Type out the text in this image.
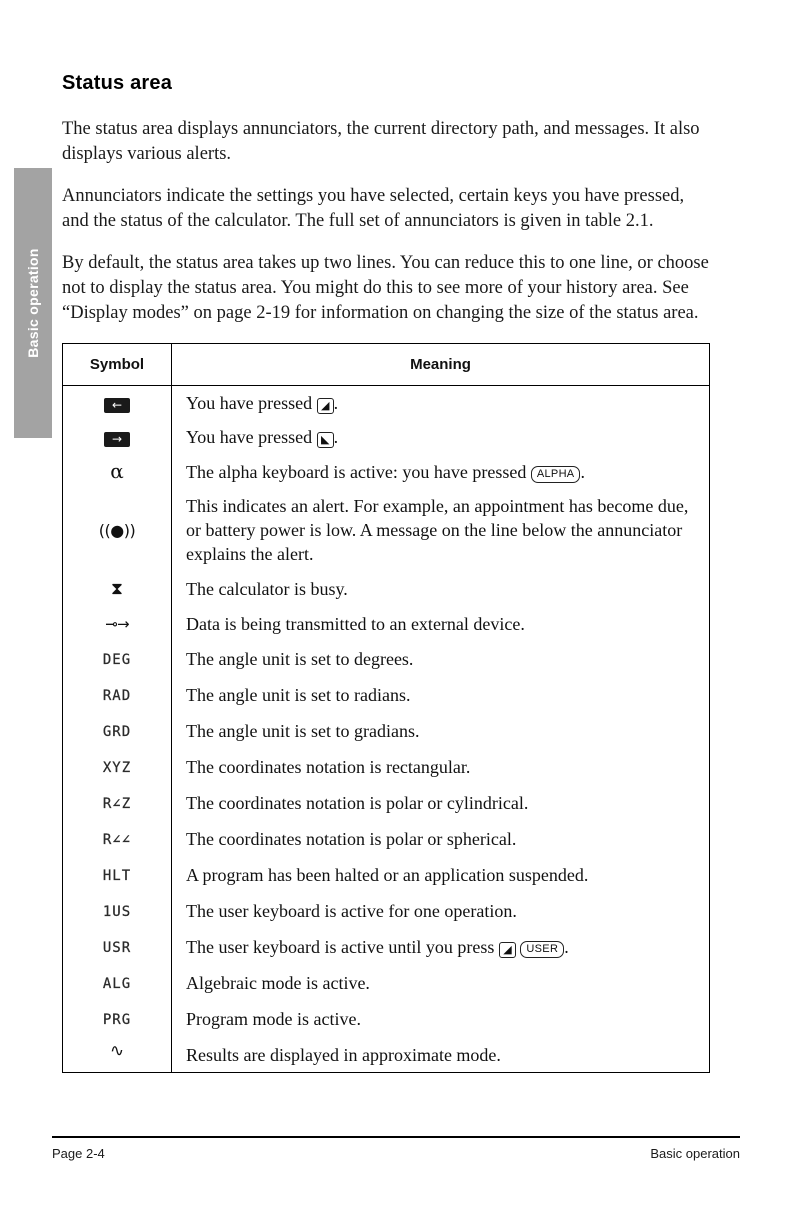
Basic operation
Status area

The status area displays annunciators, the current directory path, and messages. It also displays various alerts.

Annunciators indicate the settings you have selected, certain keys you have pressed, and the status of the calculator. The full set of annunciators is given in table 2.1.

By default, the status area takes up two lines. You can reduce this to one line, or choose not to display the status area. You might do this to see more of your history area. See “Display modes” on page 2-19 for information on changing the size of the status area.

Symbol	Meaning
←	You have pressed ◢ .
→	You have pressed ◣ .
α	The alpha keyboard is active: you have pressed ALPHA .
((●))	This indicates an alert. For example, an appointment has become due, or battery power is low. A message on the line below the annunciator explains the alert.
⧗	The calculator is busy.
⊸→	Data is being transmitted to an external device.
DEG	The angle unit is set to degrees.
RAD	The angle unit is set to radians.
GRD	The angle unit is set to gradians.
XYZ	The coordinates notation is rectangular.
R∠Z	The coordinates notation is polar or cylindrical.
R∠∠	The coordinates notation is polar or spherical.
HLT	A program has been halted or an application suspended.
1US	The user keyboard is active for one operation.
USR	The user keyboard is active until you press ◢ USER .
ALG	Algebraic mode is active.
PRG	Program mode is active.
∿	Results are displayed in approximate mode.
Page 2-4	Basic operation
